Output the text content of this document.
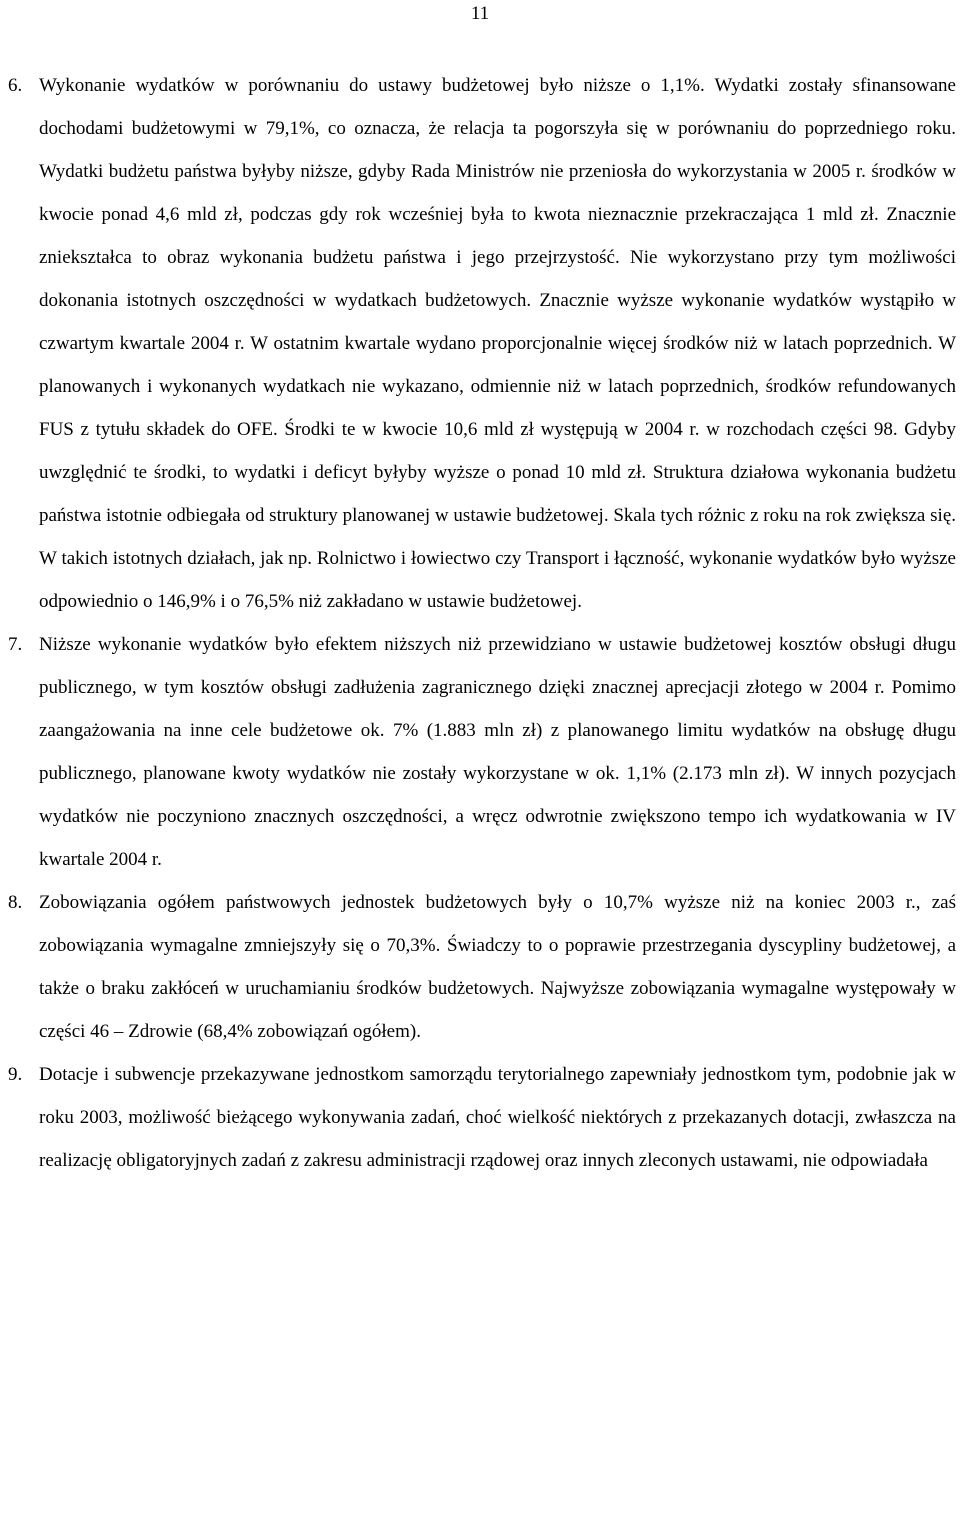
11
6. Wykonanie wydatków w porównaniu do ustawy budżetowej było niższe o 1,1%. Wydatki zostały sfinansowane dochodami budżetowymi w 79,1%, co oznacza, że relacja ta pogorszyła się w porównaniu do poprzedniego roku. Wydatki budżetu państwa byłyby niższe, gdyby Rada Ministrów nie przeniosła do wykorzystania w 2005 r. środków w kwocie ponad 4,6 mld zł, podczas gdy rok wcześniej była to kwota nieznacznie przekraczająca 1 mld zł. Znacznie zniekształca to obraz wykonania budżetu państwa i jego przejrzystość. Nie wykorzystano przy tym możliwości dokonania istotnych oszczędności w wydatkach budżetowych. Znacznie wyższe wykonanie wydatków wystąpiło w czwartym kwartale 2004 r. W ostatnim kwartale wydano proporcjonalnie więcej środków niż w latach poprzednich. W planowanych i wykonanych wydatkach nie wykazano, odmiennie niż w latach poprzednich, środków refundowanych FUS z tytułu składek do OFE. Środki te w kwocie 10,6 mld zł występują w 2004 r. w rozchodach części 98. Gdyby uwzględnić te środki, to wydatki i deficyt byłyby wyższe o ponad 10 mld zł. Struktura działowa wykonania budżetu państwa istotnie odbiegała od struktury planowanej w ustawie budżetowej. Skala tych różnic z roku na rok zwiększa się. W takich istotnych działach, jak np. Rolnictwo i łowiectwo czy Transport i łączność, wykonanie wydatków było wyższe odpowiednio o 146,9% i o 76,5% niż zakładano w ustawie budżetowej.

7. Niższe wykonanie wydatków było efektem niższych niż przewidziano w ustawie budżetowej kosztów obsługi długu publicznego, w tym kosztów obsługi zadłużenia zagranicznego dzięki znacznej aprecjacji złotego w 2004 r. Pomimo zaangażowania na inne cele budżetowe ok. 7% (1.883 mln zł) z planowanego limitu wydatków na obsługę długu publicznego, planowane kwoty wydatków nie zostały wykorzystane w ok. 1,1% (2.173 mln zł). W innych pozycjach wydatków nie poczyniono znacznych oszczędności, a wręcz odwrotnie zwiększono tempo ich wydatkowania w IV kwartale 2004 r.

8. Zobowiązania ogółem państwowych jednostek budżetowych były o 10,7% wyższe niż na koniec 2003 r., zaś zobowiązania wymagalne zmniejszyły się o 70,3%. Świadczy to o poprawie przestrzegania dyscypliny budżetowej, a także o braku zakłóceń w uruchamianiu środków budżetowych. Najwyższe zobowiązania wymagalne występowały w części 46 – Zdrowie (68,4% zobowiązań ogółem).

9. Dotacje i subwencje przekazywane jednostkom samorządu terytorialnego zapewniały jednostkom tym, podobnie jak w roku 2003, możliwość bieżącego wykonywania zadań, choć wielkość niektórych z przekazanych dotacji, zwłaszcza na realizację obligatoryjnych zadań z zakresu administracji rządowej oraz innych zleconych ustawami, nie odpowiadała
